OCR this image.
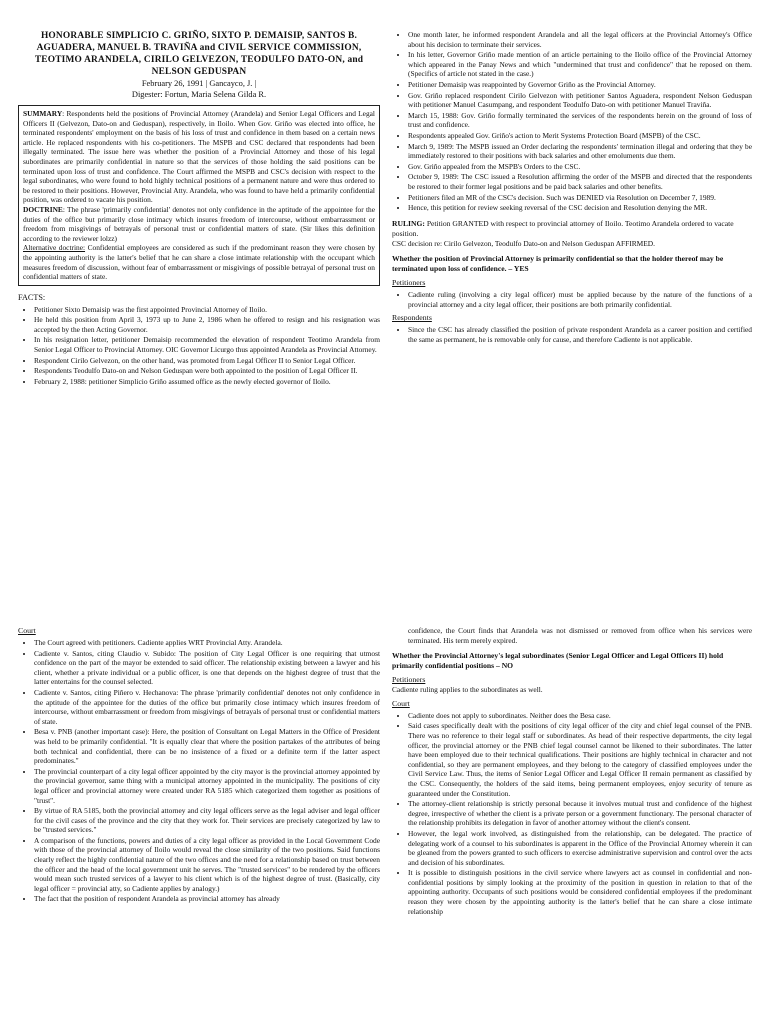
HONORABLE SIMPLICIO C. GRIÑO, SIXTO P. DEMAISIP, SANTOS B. AGUADERA, MANUEL B. TRAVIÑA and CIVIL SERVICE COMMISSION, TEOTIMO ARANDELA, CIRILO GELVEZON, TEODULFO DATO-ON, and NELSON GEDUSPAN
February 26, 1991 | Gancayco, J. |
Digester: Fortun, Maria Selena Gilda R.
SUMMARY: Respondents held the positions of Provincial Attorney (Arandela) and Senior Legal Officers and Legal Officers II (Gelvezon, Dato-on and Geduspan), respectively, in Iloilo. When Gov. Griño was elected into office, he terminated respondents' employment on the basis of his loss of trust and confidence in them based on a certain news article. He replaced respondents with his co-petitioners. The MSPB and CSC declared that respondents had been illegally terminated. The issue here was whether the position of a Provincial Attorney and those of his legal subordinates are primarily confidential in nature so that the services of those holding the said positions can be terminated upon loss of trust and confidence. The Court affirmed the MSPB and CSC's decision with respect to the legal subordinates, who were found to hold highly technical positions of a permanent nature and were thus ordered to be restored to their positions. However, Provincial Atty. Arandela, who was found to have held a primarily confidential position, was ordered to vacate his position.
DOCTRINE: The phrase 'primarily confidential' denotes not only confidence in the aptitude of the appointee for the duties of the office but primarily close intimacy which insures freedom of intercourse, without embarrassment or freedom from misgivings of betrayals of personal trust or confidential matters of state. (Sir likes this definition according to the reviewer lolzz)
Alternative doctrine: Confidential employees are considered as such if the predominant reason they were chosen by the appointing authority is the latter's belief that he can share a close intimate relationship with the occupant which measures freedom of discussion, without fear of embarrassment or misgivings of possible betrayal of personal trust on confidential matters of state.
FACTS:
• Petitioner Sixto Demaisip was the first appointed Provincial Attorney of Iloilo.
• He held this position from April 3, 1973 up to June 2, 1986 when he offered to resign and his resignation was accepted by the then Acting Governor.
• In his resignation letter, petitioner Demaisip recommended the elevation of respondent Teotimo Arandela from Senior Legal Officer to Provincial Attorney. OIC Governor Licurgo thus appointed Arandela as Provincial Attorney.
• Respondent Cirilo Gelvezon, on the other hand, was promoted from Legal Officer II to Senior Legal Officer.
• Respondents Teodulfo Dato-on and Nelson Geduspan were both appointed to the position of Legal Officer II.
• February 2, 1988: petitioner Simplicio Griño assumed office as the newly elected governor of Iloilo.
• One month later, he informed respondent Arandela and all the legal officers at the Provincial Attorney's Office about his decision to terminate their services.
• In his letter, Governor Griño made mention of an article pertaining to the Iloilo office of the Provincial Attorney which appeared in the Panay News and which "undermined that trust and confidence" that he reposed on them. (Specifics of article not stated in the case.)
• Petitioner Demaisip was reappointed by Governor Griño as the Provincial Attorney.
• Gov. Griño replaced respondent Cirilo Gelvezon with petitioner Santos Aguadera, respondent Nelson Geduspan with petitioner Manuel Casumpang, and respondent Teodulfo Dato-on with petitioner Manuel Traviña.
• March 15, 1988: Gov. Griño formally terminated the services of the respondents herein on the ground of loss of trust and confidence.
• Respondents appealed Gov. Griño's action to Merit Systems Protection Board (MSPB) of the CSC.
• March 9, 1989: The MSPB issued an Order declaring the respondents' termination illegal and ordering that they be immediately restored to their positions with back salaries and other emoluments due them.
• Gov. Griño appealed from the MSPB's Orders to the CSC.
• October 9, 1989: The CSC issued a Resolution affirming the order of the MSPB and directed that the respondents be restored to their former legal positions and be paid back salaries and other benefits.
• Petitioners filed an MR of the CSC's decision. Such was DENIED via Resolution on December 7, 1989.
• Hence, this petition for review seeking reversal of the CSC decision and Resolution denying the MR.
RULING: Petition GRANTED with respect to provincial attorney of Iloilo. Teotimo Arandela ordered to vacate position.
CSC decision re: Cirilo Gelvezon, Teodulfo Dato-on and Nelson Geduspan AFFIRMED.
Whether the position of Provincial Attorney is primarily confidential so that the holder thereof may be terminated upon loss of confidence. – YES
Petitioners
• Cadiente ruling (involving a city legal officer) must be applied because by the nature of the functions of a provincial attorney and a city legal officer, their positions are both primarily confidential.
Respondents
• Since the CSC has already classified the position of private respondent Arandela as a career position and certified the same as permanent, he is removable only for cause, and therefore Cadiente is not applicable.
Court
• The Court agreed with petitioners. Cadiente applies WRT Provincial Atty. Arandela.
• Cadiente v. Santos, citing Claudio v. Subido: The position of City Legal Officer is one requiring that utmost confidence on the part of the mayor be extended to said officer. The relationship existing between a lawyer and his client, whether a private individual or a public officer, is one that depends on the highest degree of trust that the latter entertains for the counsel selected.
• Cadiente v. Santos, citing Piñero v. Hechanova: The phrase 'primarily confidential' denotes not only confidence in the aptitude of the appointee for the duties of the office but primarily close intimacy which insures freedom of intercourse, without embarrassment or freedom from misgivings of betrayals of personal trust or confidential matters of state.
• Besa v. PNB (another important case): Here, the position of Consultant on Legal Matters in the Office of President was held to be primarily confidential. "It is equally clear that where the position partakes of the attributes of being both technical and confidential, there can be no insistence of a fixed or a definite term if the latter aspect predominates."
• The provincial counterpart of a city legal officer appointed by the city mayor is the provincial attorney appointed by the provincial governor, same thing with a municipal attorney appointed in the municipality. The positions of city legal officer and provincial attorney were created under RA 5185 which categorized them together as positions of "trust".
• By virtue of RA 5185, both the provincial attorney and city legal officers serve as the legal adviser and legal officer for the civil cases of the province and the city that they work for. Their services are precisely categorized by law to be "trusted services."
• A comparison of the functions, powers and duties of a city legal officer as provided in the Local Government Code with those of the provincial attorney of Iloilo would reveal the close similarity of the two positions. Said functions clearly reflect the highly confidential nature of the two offices and the need for a relationship based on trust between the officer and the head of the local government unit he serves. The "trusted services" to be rendered by the officers would mean such trusted services of a lawyer to his client which is of the highest degree of trust. (Basically, city legal officer = provincial atty, so Cadiente applies by analogy.)
• The fact that the position of respondent Arandela as provincial attorney has already
confidence, the Court finds that Arandela was not dismissed or removed from office when his services were terminated. His term merely expired.
Whether the Provincial Attorney's legal subordinates (Senior Legal Officer and Legal Officers II) hold primarily confidential positions – NO
Petitioners
Cadiente ruling applies to the subordinates as well.
Court
• Cadiente does not apply to subordinates. Neither does the Besa case.
• Said cases specifically dealt with the positions of city legal officer of the city and chief legal counsel of the PNB. There was no reference to their legal staff or subordinates. As head of their respective departments, the city legal officer, the provincial attorney or the PNB chief legal counsel cannot be likened to their subordinates. The latter have been employed due to their technical qualifications. Their positions are highly technical in character and not confidential, so they are permanent employees, and they belong to the category of classified employees under the Civil Service Law. Thus, the items of Senior Legal Officer and Legal Officer II remain permanent as classified by the CSC. Consequently, the holders of the said items, being permanent employees, enjoy security of tenure as guaranteed under the Constitution.
• The attorney-client relationship is strictly personal because it involves mutual trust and confidence of the highest degree, irrespective of whether the client is a private person or a government functionary. The personal character of the relationship prohibits its delegation in favor of another attorney without the client's consent.
• However, the legal work involved, as distinguished from the relationship, can be delegated. The practice of delegating work of a counsel to his subordinates is apparent in the Office of the Provincial Attorney wherein it can be gleaned from the powers granted to such officers to exercise administrative supervision and control over the acts and decision of his subordinates.
• It is possible to distinguish positions in the civil service where lawyers act as counsel in confidential and non-confidential positions by simply looking at the proximity of the position in question in relation to that of the appointing authority. Occupants of such positions would be considered confidential employees if the predominant reason they were chosen by the appointing authority is the latter's belief that he can share a close intimate relationship
